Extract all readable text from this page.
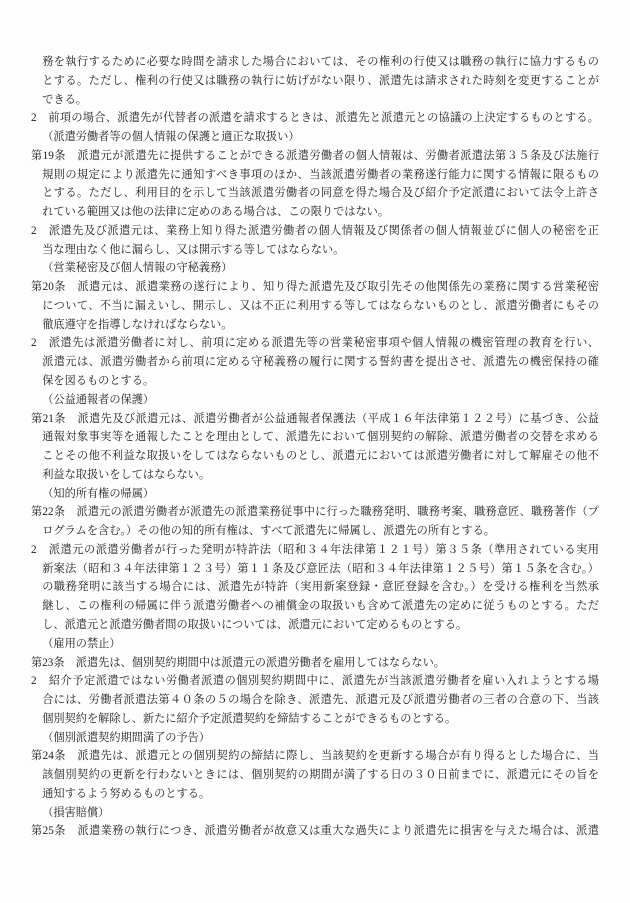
務を執行するために必要な時間を請求した場合においては、その権利の行使又は職務の執行に協力するもの
とする。ただし、権利の行使又は職務の執行に妨げがない限り、派遣先は請求された時刻を変更することが
できる。
2　前項の場合、派遣先が代替者の派遣を請求するときは、派遣先と派遣元との協議の上決定するものとする。
（派遣労働者等の個人情報の保護と適正な取扱い）
第19条　派遣元が派遣先に提供することができる派遣労働者の個人情報は、労働者派遣法第３５条及び法施行
規則の規定により派遣先に通知すべき事項のほか、当該派遣労働者の業務遂行能力に関する情報に限るもの
とする。ただし、利用目的を示して当該派遣労働者の同意を得た場合及び紹介予定派遣において法令上許さ
れている範囲又は他の法律に定めのある場合は、この限りではない。
2　派遣先及び派遣元は、業務上知り得た派遣労働者の個人情報及び関係者の個人情報並びに個人の秘密を正
当な理由なく他に漏らし、又は開示する等してはならない。
（営業秘密及び個人情報の守秘義務）
第20条　派遣元は、派遣業務の遂行により、知り得た派遣先及び取引先その他関係先の業務に関する営業秘密
について、不当に漏えいし、開示し、又は不正に利用する等してはならないものとし、派遣労働者にもその
徹底遵守を指導しなければならない。
2　派遣先は派遣労働者に対し、前項に定める派遣先等の営業秘密事項や個人情報の機密管理の教育を行い、
派遣元は、派遣労働者から前項に定める守秘義務の履行に関する誓約書を提出させ、派遣先の機密保持の確
保を図るものとする。
（公益通報者の保護）
第21条　派遣先及び派遣元は、派遣労働者が公益通報者保護法（平成１６年法律第１２２号）に基づき、公益
通報対象事実等を通報したことを理由として、派遣先において個別契約の解除、派遣労働者の交替を求める
ことその他不利益な取扱いをしてはならないものとし、派遣元においては派遣労働者に対して解雇その他不
利益な取扱いをしてはならない。
（知的所有権の帰属）
第22条　派遣元の派遣労働者が派遣先の派遣業務従事中に行った職務発明、職務考案、職務意匠、職務著作（プ
ログラムを含む。）その他の知的所有権は、すべて派遣先に帰属し、派遣先の所有とする。
2　派遣元の派遣労働者が行った発明が特許法（昭和３４年法律第１２１号）第３５条（準用されている実用
新案法（昭和３４年法律第１２３号）第１１条及び意匠法（昭和３４年法律第１２５号）第１５条を含む。）
の職務発明に該当する場合には、派遣先が特許（実用新案登録・意匠登録を含む。）を受ける権利を当然承
継し、この権利の帰属に伴う派遣労働者への補償金の取扱いも含めて派遣先の定めに従うものとする。ただ
し、派遣元と派遣労働者間の取扱いについては、派遣元において定めるものとする。
（雇用の禁止）
第23条　派遣先は、個別契約期間中は派遣元の派遣労働者を雇用してはならない。
2　紹介予定派遣ではない労働者派遣の個別契約期間中に、派遣先が当該派遣労働者を雇い入れようとする場
合には、労働者派遣法第４０条の５の場合を除き、派遣先、派遣元及び派遣労働者の三者の合意の下、当該
個別契約を解除し、新たに紹介予定派遣契約を締結することができるものとする。
（個別派遣契約期間満了の予告）
第24条　派遣先は、派遣元との個別契約の締結に際し、当該契約を更新する場合が有り得るとした場合に、当
該個別契約の更新を行わないときには、個別契約の期間が満了する日の３０日前までに、派遣元にその旨を
通知するよう努めるものとする。
（損害賠償）
第25条　派遣業務の執行につき、派遣労働者が故意又は重大な過失により派遣先に損害を与えた場合は、派遣
